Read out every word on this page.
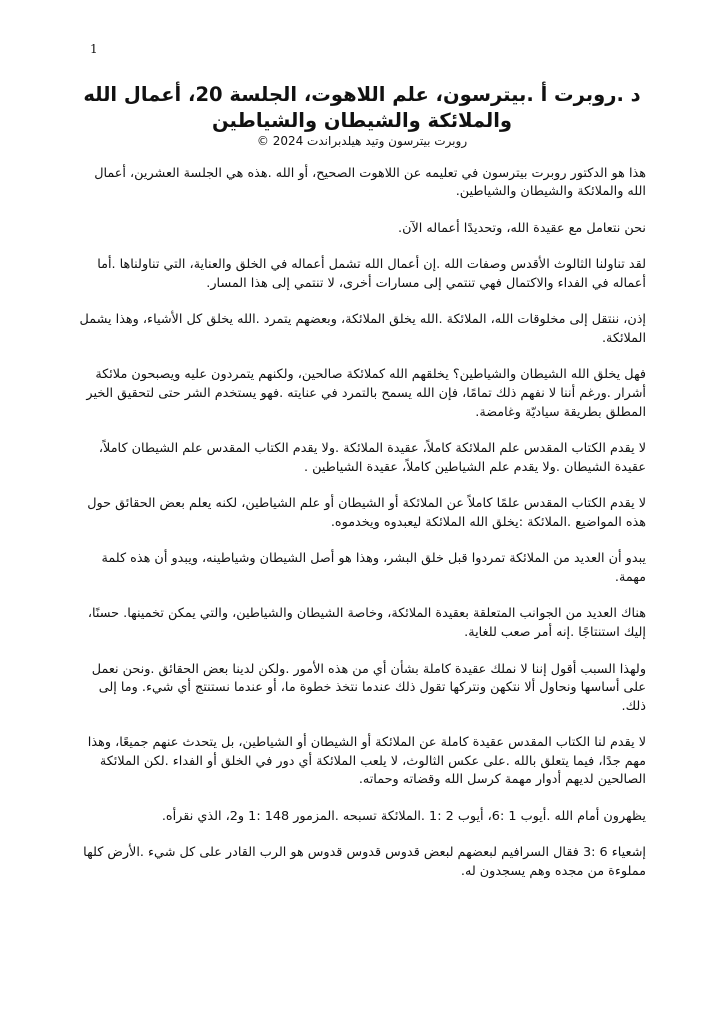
1
د .روبرت أ .بيترسون، علم اللاهوت، الجلسة 20، أعمال الله والملائكة والشيطان والشياطين

روبرت بيترسون وتيد هيلدبراندت 2024 ©

هذا هو الدكتور روبرت بيترسون في تعليمه عن اللاهوت الصحيح، أو الله .هذه هي الجلسة العشرين، أعمال الله والملائكة والشيطان والشياطين.

نحن نتعامل مع عقيدة الله، وتحديدًا أعماله الآن.

لقد تناولنا الثالوث الأقدس وصفات الله .إن أعمال الله تشمل أعماله في الخلق والعناية، التي تناولناها .أما أعماله في الفداء والاكتمال فهي تنتمي إلى مسارات أخرى، لا تنتمي إلى هذا المسار.

إذن، ننتقل إلى مخلوقات الله، الملائكة .الله يخلق الملائكة، وبعضهم يتمرد .الله يخلق كل الأشياء، وهذا يشمل الملائكة.

فهل يخلق الله الشيطان والشياطين؟ يخلقهم الله كملائكة صالحين، ولكنهم يتمردون عليه ويصبحون ملائكة أشرار .ورغم أننا لا نفهم ذلك تمامًا، فإن الله يسمح بالتمرد في عنايته .فهو يستخدم الشر حتى لتحقيق الخير المطلق بطريقة سياديّة وغامضة.

لا يقدم الكتاب المقدس علم الملائكة كاملاً، عقيدة الملائكة .ولا يقدم الكتاب المقدس علم الشيطان كاملاً، عقيدة الشيطان .ولا يقدم علم الشياطين كاملاً، عقيدة الشياطين .

لا يقدم الكتاب المقدس علمًا كاملاً عن الملائكة أو الشيطان أو علم الشياطين، لكنه يعلم بعض الحقائق حول هذه المواضيع .الملائكة :يخلق الله الملائكة ليعبدوه ويخدموه.

يبدو أن العديد من الملائكة تمردوا قبل خلق البشر، وهذا هو أصل الشيطان وشياطينه، ويبدو أن هذه كلمة مهمة.

هناك العديد من الجوانب المتعلقة بعقيدة الملائكة، وخاصة الشيطان والشياطين، والتي يمكن تخمينها. حسنًا، إليك استنتاجًا .إنه أمر صعب للغاية.

ولهذا السبب أقول إننا لا نملك عقيدة كاملة بشأن أي من هذه الأمور .ولكن لدينا بعض الحقائق .ونحن نعمل على أساسها ونحاول ألا نتكهن ونتركها تقول ذلك عندما نتخذ خطوة ما، أو عندما نستنتج أي شيء. وما إلى ذلك.

لا يقدم لنا الكتاب المقدس عقيدة كاملة عن الملائكة أو الشيطان أو الشياطين، بل يتحدث عنهم جميعًا، وهذا مهم جدًا، فيما يتعلق بالله .على عكس الثالوث، لا يلعب الملائكة أي دور في الخلق أو الفداء .لكن الملائكة الصالحين لديهم أدوار مهمة كرسل الله وقضاته وحماته.

يظهرون أمام الله .أيوب 1 :6، أيوب 2 :1 .الملائكة تسبحه .المزمور 148 :1 و2، الذي نقرأه.

إشعياء 6 :3 فقال السرافيم لبعضهم لبعض قدوس قدوس قدوس هو الرب القادر على كل شيء .الأرض كلها مملوءة من مجده وهم يسجدون له.
